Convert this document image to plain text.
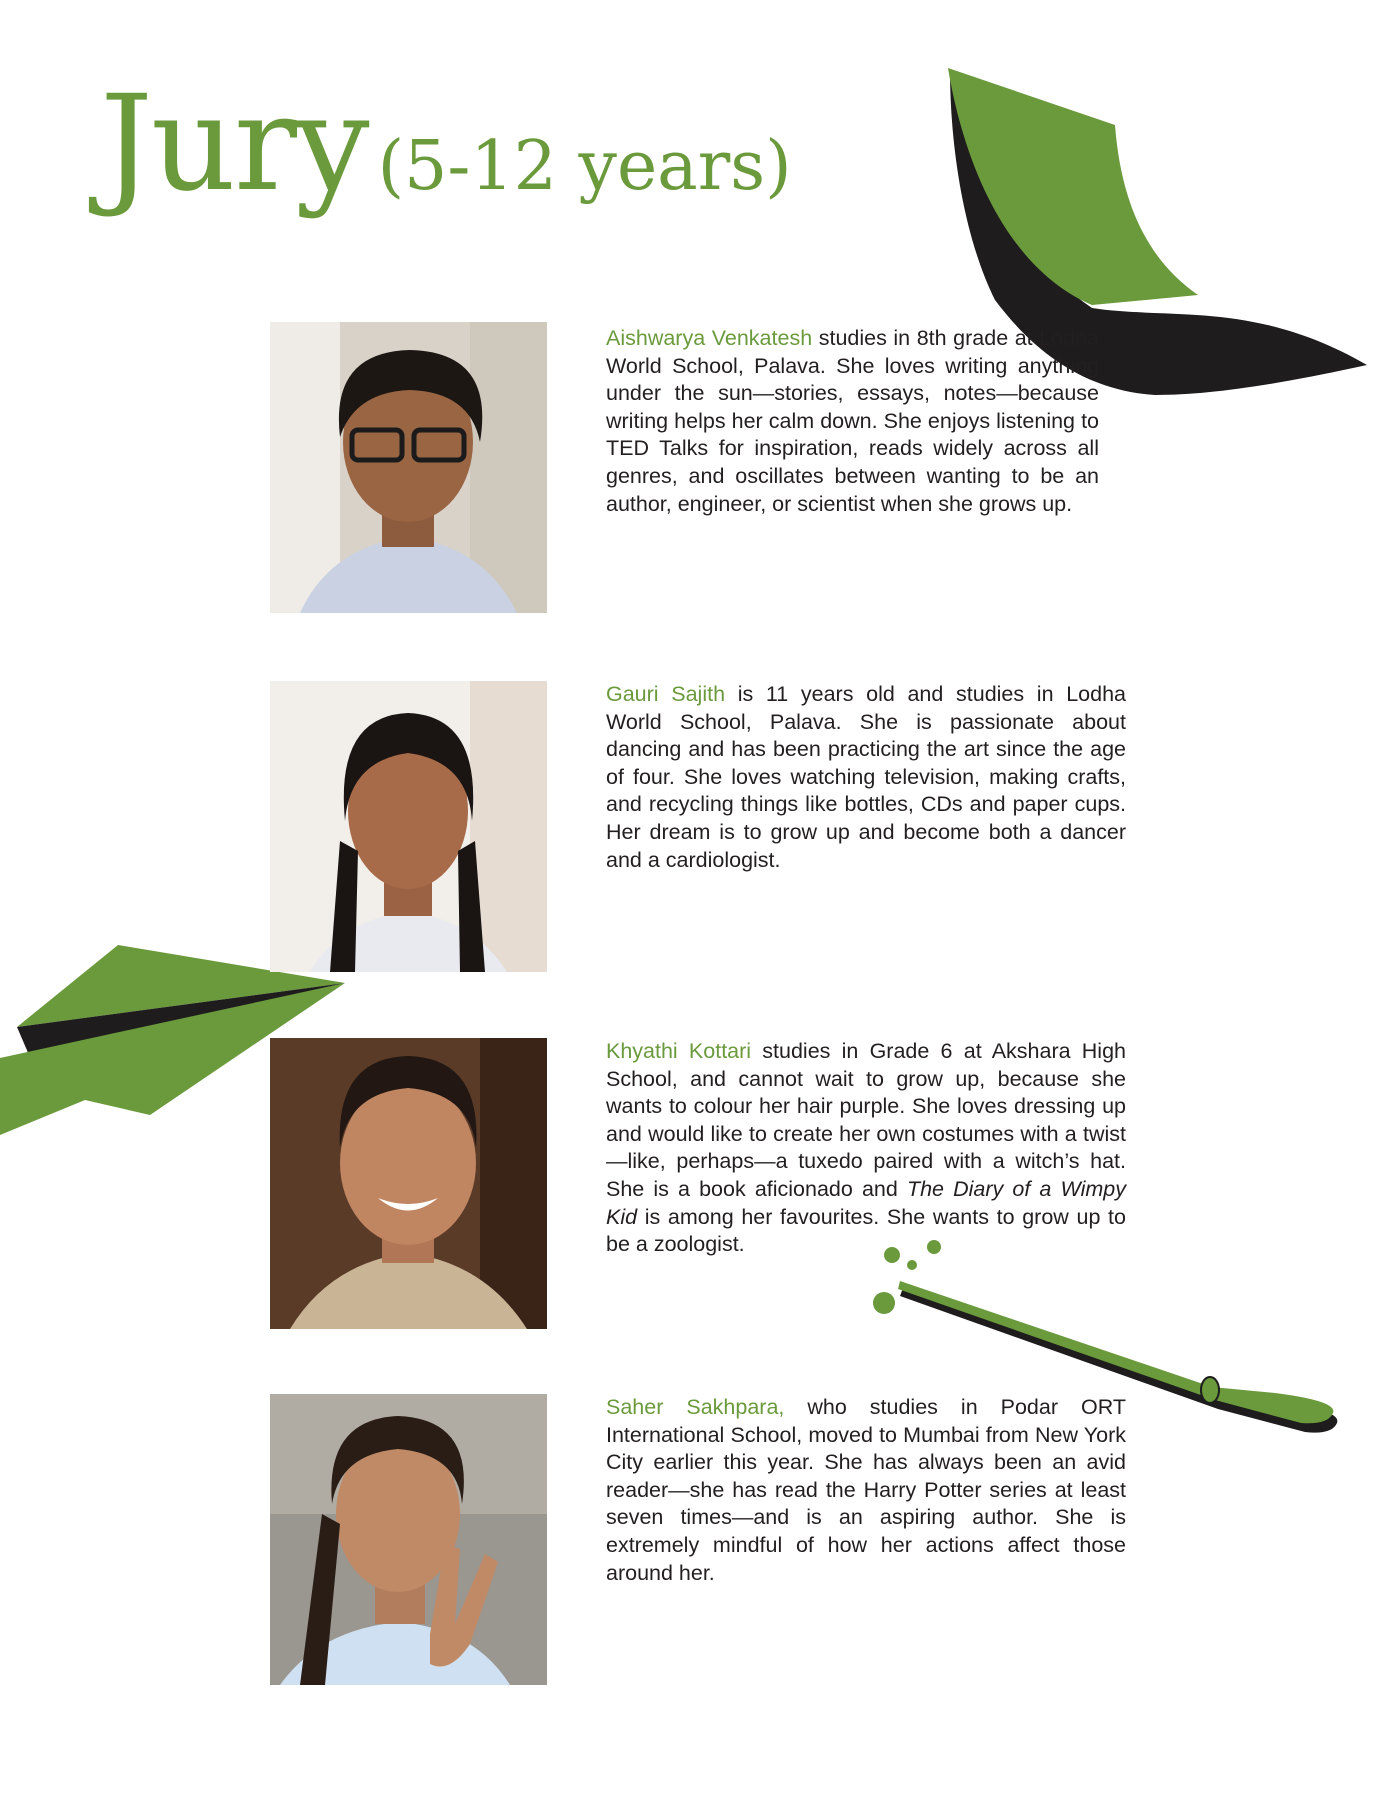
Jury (5-12 years)

Aishwarya Venkatesh studies in 8th grade at Lodha World School, Palava. She loves writing anything under the sun—stories, essays, notes—because writing helps her calm down. She enjoys listening to TED Talks for inspiration, reads widely across all genres, and oscillates between wanting to be an author, engineer, or scientist when she grows up.

Gauri Sajith is 11 years old and studies in Lodha World School, Palava. She is passionate about dancing and has been practicing the art since the age of four. She loves watching television, making crafts, and recycling things like bottles, CDs and paper cups. Her dream is to grow up and become both a dancer and a cardiologist.

Khyathi Kottari studies in Grade 6 at Akshara High School, and cannot wait to grow up, because she wants to colour her hair purple. She loves dressing up and would like to create her own costumes with a twist—like, perhaps—a tuxedo paired with a witch’s hat. She is a book aficionado and The Diary of a Wimpy Kid is among her favourites. She wants to grow up to be a zoologist.

Saher Sakhpara, who studies in Podar ORT International School, moved to Mumbai from New York City earlier this year. She has always been an avid reader—she has read the Harry Potter series at least seven times—and is an aspiring author. She is extremely mindful of how her actions affect those around her.
